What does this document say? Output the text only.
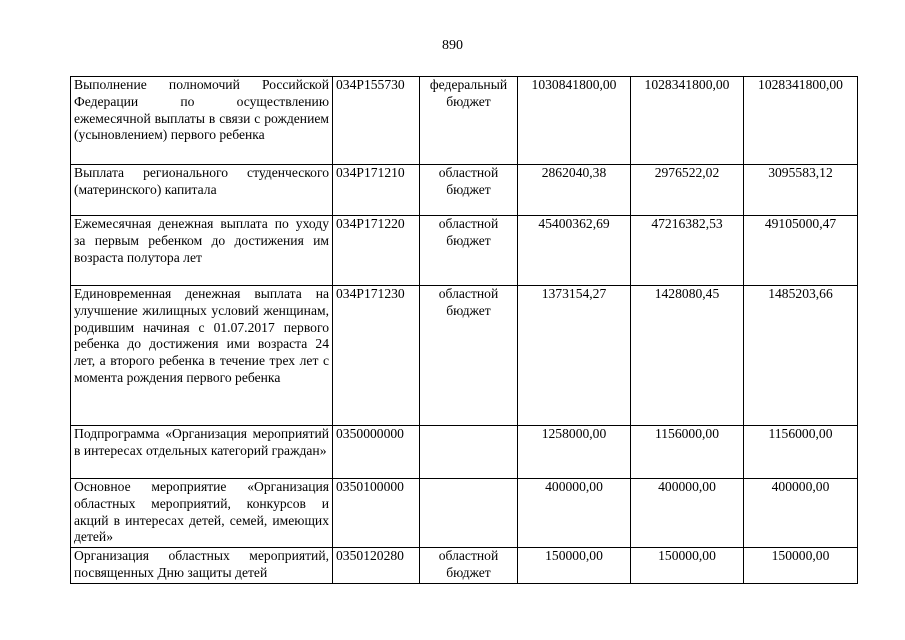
890
Выполнение полномочий Российской Федерации по осуществлению ежемесячной выплаты в связи с рождением (усыновлением) первого ребенка	034P155730	федеральный бюджет	1030841800,00	1028341800,00	1028341800,00
Выплата регионального студенческого (материнского) капитала	034P171210	областной бюджет	2862040,38	2976522,02	3095583,12
Ежемесячная денежная выплата по уходу за первым ребенком до достижения им возраста полутора лет	034P171220	областной бюджет	45400362,69	47216382,53	49105000,47
Единовременная денежная выплата на улучшение жилищных условий женщинам, родившим начиная с 01.07.2017 первого ребенка до достижения ими возраста 24 лет, а второго ребенка в течение трех лет с момента рождения первого ребенка	034P171230	областной бюджет	1373154,27	1428080,45	1485203,66
Подпрограмма «Организация мероприятий в интересах отдельных категорий граждан»	0350000000		1258000,00	1156000,00	1156000,00
Основное мероприятие «Организация областных мероприятий, конкурсов и акций в интересах детей, семей, имеющих детей»	0350100000		400000,00	400000,00	400000,00
Организация областных мероприятий, посвященных Дню защиты детей	0350120280	областной бюджет	150000,00	150000,00	150000,00
